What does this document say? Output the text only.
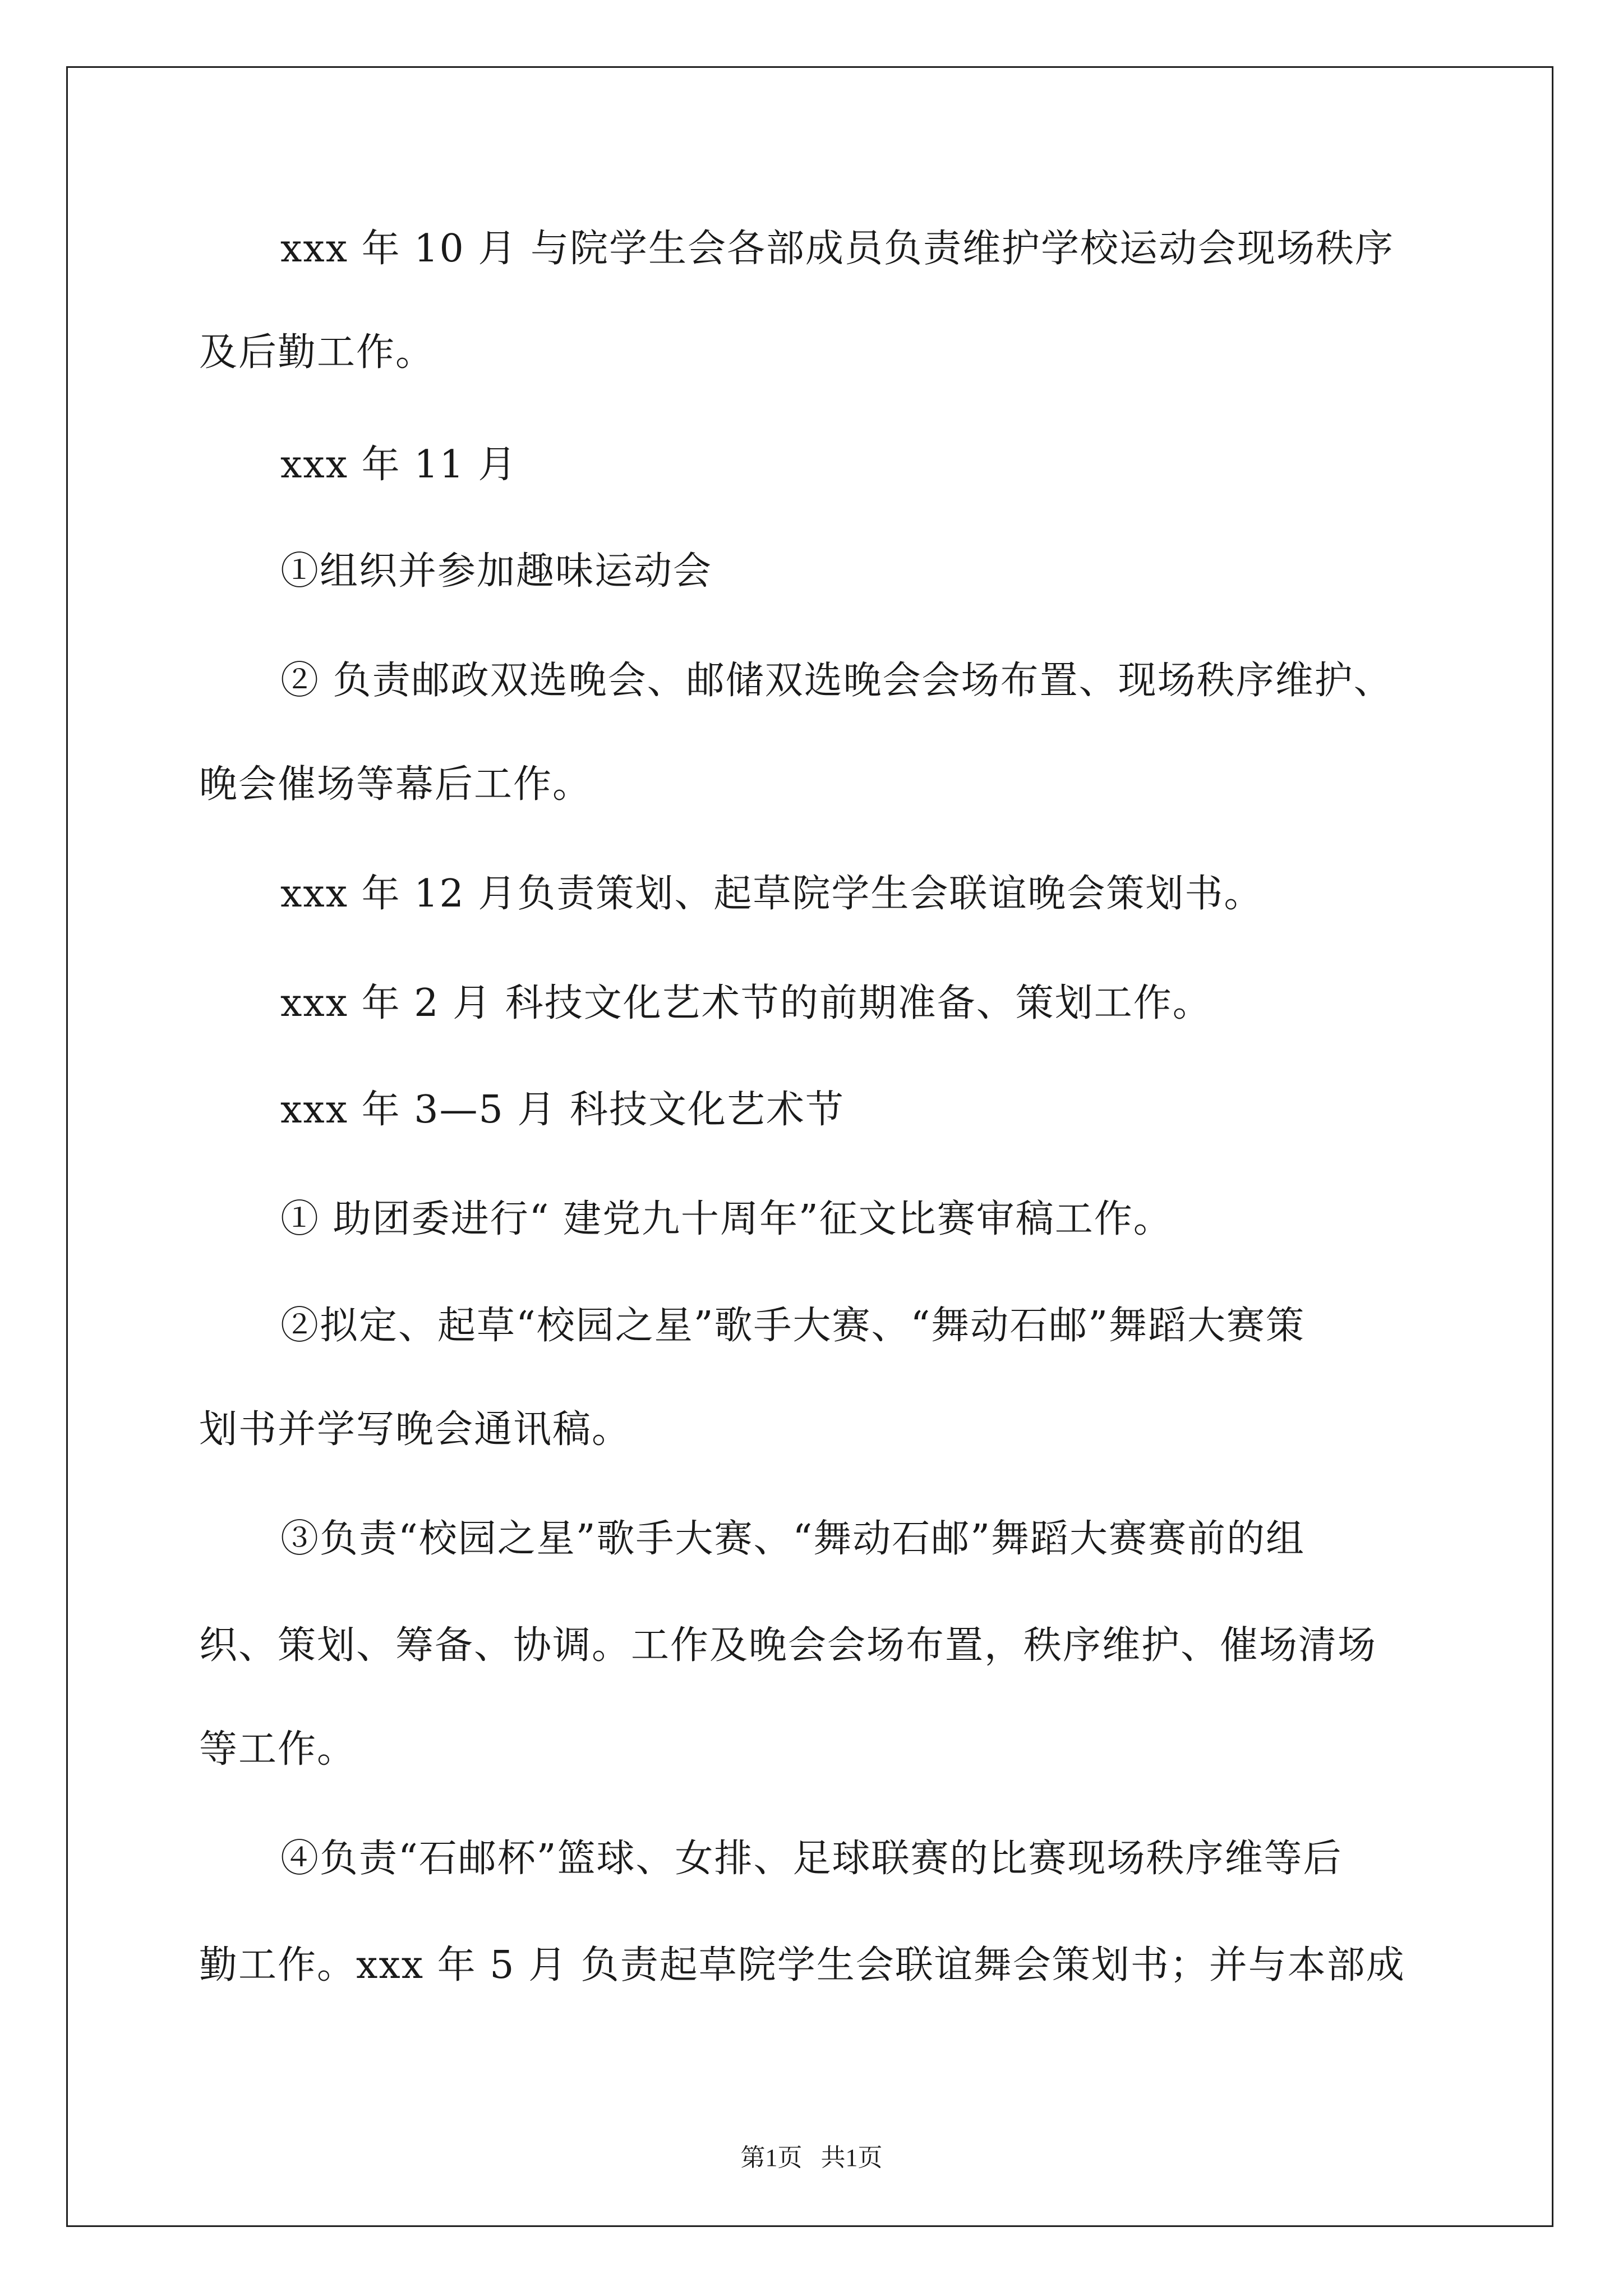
xxx 年 10 月 与院学生会各部成员负责维护学校运动会现场秩序
及后勤工作。
xxx 年 11 月
①组织并参加趣味运动会
② 负责邮政双选晚会、邮储双选晚会会场布置、现场秩序维护、
晚会催场等幕后工作。
xxx 年 12 月负责策划、起草院学生会联谊晚会策划书。
xxx 年 2 月 科技文化艺术节的前期准备、策划工作。
xxx 年 3—5 月 科技文化艺术节
① 助团委进行“ 建党九十周年”征文比赛审稿工作。
②拟定、起草“校园之星”歌手大赛、“舞动石邮”舞蹈大赛策
划书并学写晚会通讯稿。
③负责“校园之星”歌手大赛、“舞动石邮”舞蹈大赛赛前的组
织、策划、筹备、协调。工作及晚会会场布置，秩序维护、催场清场
等工作。
④负责“石邮杯”篮球、女排、足球联赛的比赛现场秩序维等后
勤工作。xxx 年 5 月 负责起草院学生会联谊舞会策划书；并与本部成
第1页   共1页
